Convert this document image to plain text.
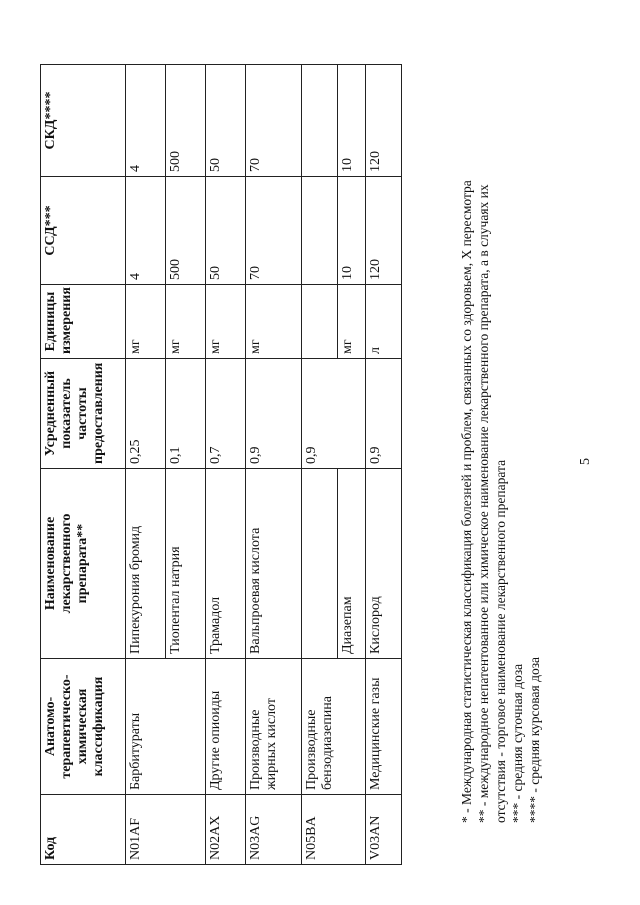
Код	Анатомо-терапевтическо-химическая классификация	Наименование лекарственного препарата**	Усредненный показатель частоты предоставления	Единицы измерения	ССД***	СКД****
N01AF	Барбитураты	Пипекурония бромид	0,25	мг	4	4
		Тиопентал натрия	0,1	мг	500	500
N02AX	Другие опиоиды	Трамадол	0,7	мг	50	50
N03AG	Производные жирных кислот	Вальпроевая кислота	0,9	мг	70	70
N05BA	Производные бензодиазепина		0,9			
		Диазепам		мг	10	10
V03AN	Медицинские газы	Кислород	0,9	л	120	120
* - Международная статистическая классификация болезней и проблем, связанных со здоровьем, X пересмотра ** - международное непатентованное или химическое наименование лекарственного препарата, а в случаях их отсутствия - торговое наименование лекарственного препарата *** - средняя суточная доза **** - средняя курсовая доза
5
